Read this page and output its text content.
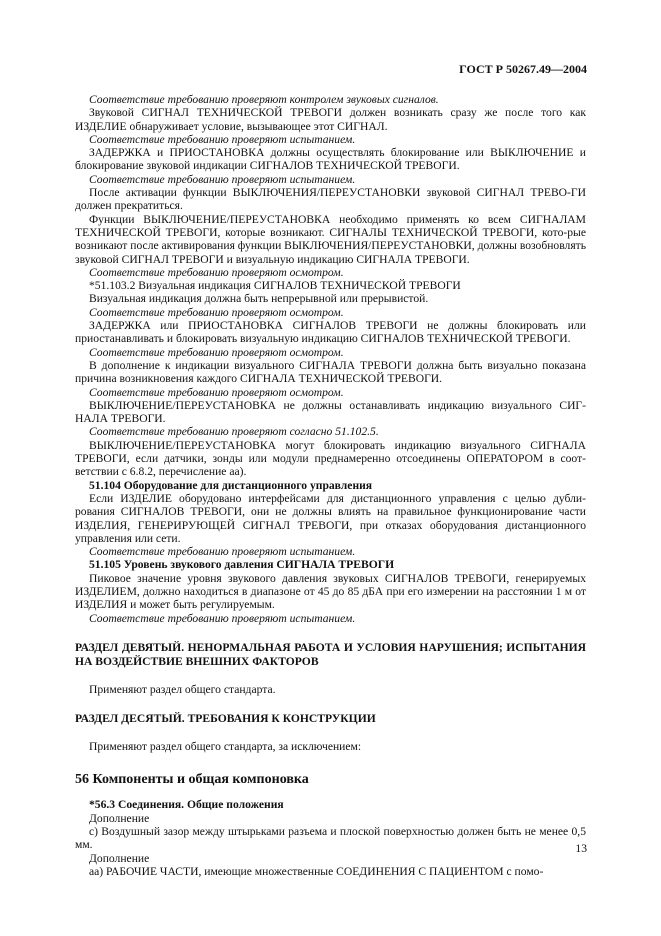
ГОСТ Р 50267.49—2004

Соответствие требованию проверяют контролем звуковых сигналов.

Звуковой СИГНАЛ ТЕХНИЧЕСКОЙ ТРЕВОГИ должен возникать сразу же после того как ИЗДЕЛИЕ обнаруживает условие, вызывающее этот СИГНАЛ.

Соответствие требованию проверяют испытанием.

ЗАДЕРЖКА и ПРИОСТАНОВКА должны осуществлять блокирование или ВЫКЛЮЧЕНИЕ и блокирование звуковой индикации СИГНАЛОВ ТЕХНИЧЕСКОЙ ТРЕВОГИ.

Соответствие требованию проверяют испытанием.

После активации функции ВЫКЛЮЧЕНИЯ/ПЕРЕУСТАНОВКИ звуковой СИГНАЛ ТРЕВО-ГИ должен прекратиться.

Функции ВЫКЛЮЧЕНИЕ/ПЕРЕУСТАНОВКА необходимо применять ко всем СИГНАЛАМ ТЕХНИЧЕСКОЙ ТРЕВОГИ, которые возникают. СИГНАЛЫ ТЕХНИЧЕСКОЙ ТРЕВОГИ, кото-рые возникают после активирования функции ВЫКЛЮЧЕНИЯ/ПЕРЕУСТАНОВКИ, должны возобновлять звуковой СИГНАЛ ТРЕВОГИ и визуальную индикацию СИГНАЛА ТРЕВОГИ.

Соответствие требованию проверяют осмотром.

*51.103.2 Визуальная индикация СИГНАЛОВ ТЕХНИЧЕСКОЙ ТРЕВОГИ

Визуальная индикация должна быть непрерывной или прерывистой.

Соответствие требованию проверяют осмотром.

ЗАДЕРЖКА или ПРИОСТАНОВКА СИГНАЛОВ ТРЕВОГИ не должны блокировать или приостанавливать и блокировать визуальную индикацию СИГНАЛОВ ТЕХНИЧЕСКОЙ ТРЕВОГИ.

Соответствие требованию проверяют осмотром.

В дополнение к индикации визуального СИГНАЛА ТРЕВОГИ должна быть визуально показана причина возникновения каждого СИГНАЛА ТЕХНИЧЕСКОЙ ТРЕВОГИ.

Соответствие требованию проверяют осмотром.

ВЫКЛЮЧЕНИЕ/ПЕРЕУСТАНОВКА не должны останавливать индикацию визуального СИГ-НАЛА ТРЕВОГИ.

Соответствие требованию проверяют согласно 51.102.5.

ВЫКЛЮЧЕНИЕ/ПЕРЕУСТАНОВКА могут блокировать индикацию визуального СИГНАЛА ТРЕВОГИ, если датчики, зонды или модули преднамеренно отсоединены ОПЕРАТОРОМ в соот-ветствии с 6.8.2, перечисление аа).

51.104 Оборудование для дистанционного управления

Если ИЗДЕЛИЕ оборудовано интерфейсами для дистанционного управления с целью дубли-рования СИГНАЛОВ ТРЕВОГИ, они не должны влиять на правильное функционирование части ИЗДЕЛИЯ, ГЕНЕРИРУЮЩЕЙ СИГНАЛ ТРЕВОГИ, при отказах оборудования дистанционного управления или сети.

Соответствие требованию проверяют испытанием.

51.105 Уровень звукового давления СИГНАЛА ТРЕВОГИ

Пиковое значение уровня звукового давления звуковых СИГНАЛОВ ТРЕВОГИ, генерируемых ИЗДЕЛИЕМ, должно находиться в диапазоне от 45 до 85 дБА при его измерении на расстоянии 1 м от ИЗДЕЛИЯ и может быть регулируемым.

Соответствие требованию проверяют испытанием.

РАЗДЕЛ ДЕВЯТЫЙ. НЕНОРМАЛЬНАЯ РАБОТА И УСЛОВИЯ НАРУШЕНИЯ; ИСПЫТАНИЯ НА ВОЗДЕЙСТВИЕ ВНЕШНИХ ФАКТОРОВ

Применяют раздел общего стандарта.

РАЗДЕЛ ДЕСЯТЫЙ. ТРЕБОВАНИЯ К КОНСТРУКЦИИ

Применяют раздел общего стандарта, за исключением:

56 Компоненты и общая компоновка

*56.3 Соединения. Общие положения

Дополнение

с) Воздушный зазор между штырьками разъема и плоской поверхностью должен быть не менее 0,5 мм.

Дополнение

аа) РАБОЧИЕ ЧАСТИ, имеющие множественные СОЕДИНЕНИЯ С ПАЦИЕНТОМ с помо-

13
